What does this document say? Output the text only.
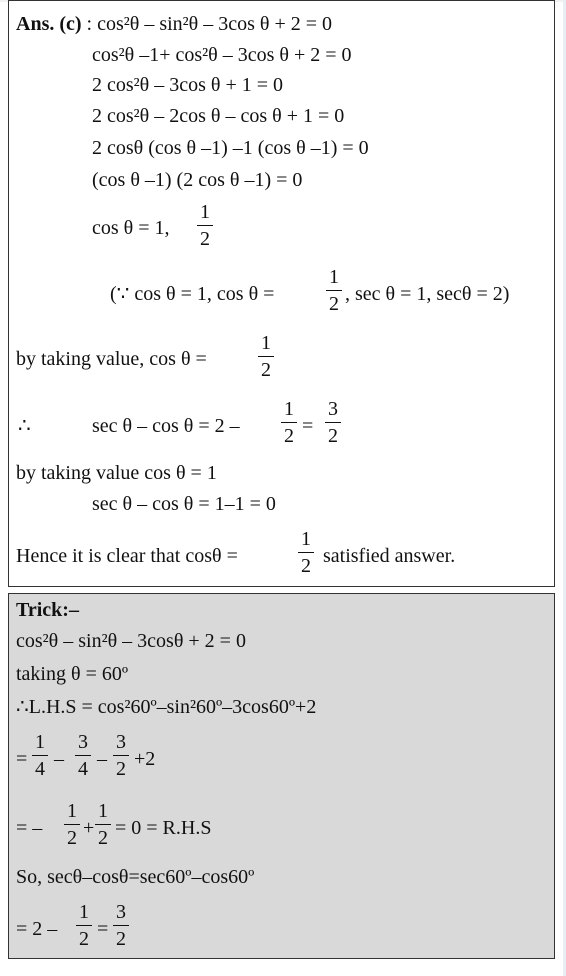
Ans. (c) : cos²θ – sin²θ – 3cos θ + 2 = 0
cos²θ –1+ cos²θ – 3cos θ + 2 = 0
2 cos²θ – 3cos θ + 1 = 0
2 cos²θ – 2cos θ – cos θ + 1 = 0
2 cosθ (cos θ –1) –1 (cos θ –1) = 0
(cos θ –1) (2 cos θ –1) = 0
cos θ = 1,
1
2
(∵ cos θ = 1, cos θ =
1
2 , sec θ = 1, secθ = 2)
by taking value, cos θ =
1
2
∴	sec θ – cos θ = 2 –
1
2 =
3
2
by taking value cos θ = 1
sec θ – cos θ = 1–1 = 0
Hence it is clear that cosθ =
1
2 satisfied answer.
Trick:–
cos²θ – sin²θ – 3cosθ + 2 = 0
taking θ = 60º
∴L.H.S = cos²60º–sin²60º–3cos60º+2
=
1
4 –
3
4 –
3
2 +2
= –
1
2 +
1
2 = 0 = R.H.S
So, secθ–cosθ=sec60º–cos60º
= 2 –
1
2 =
3
2
